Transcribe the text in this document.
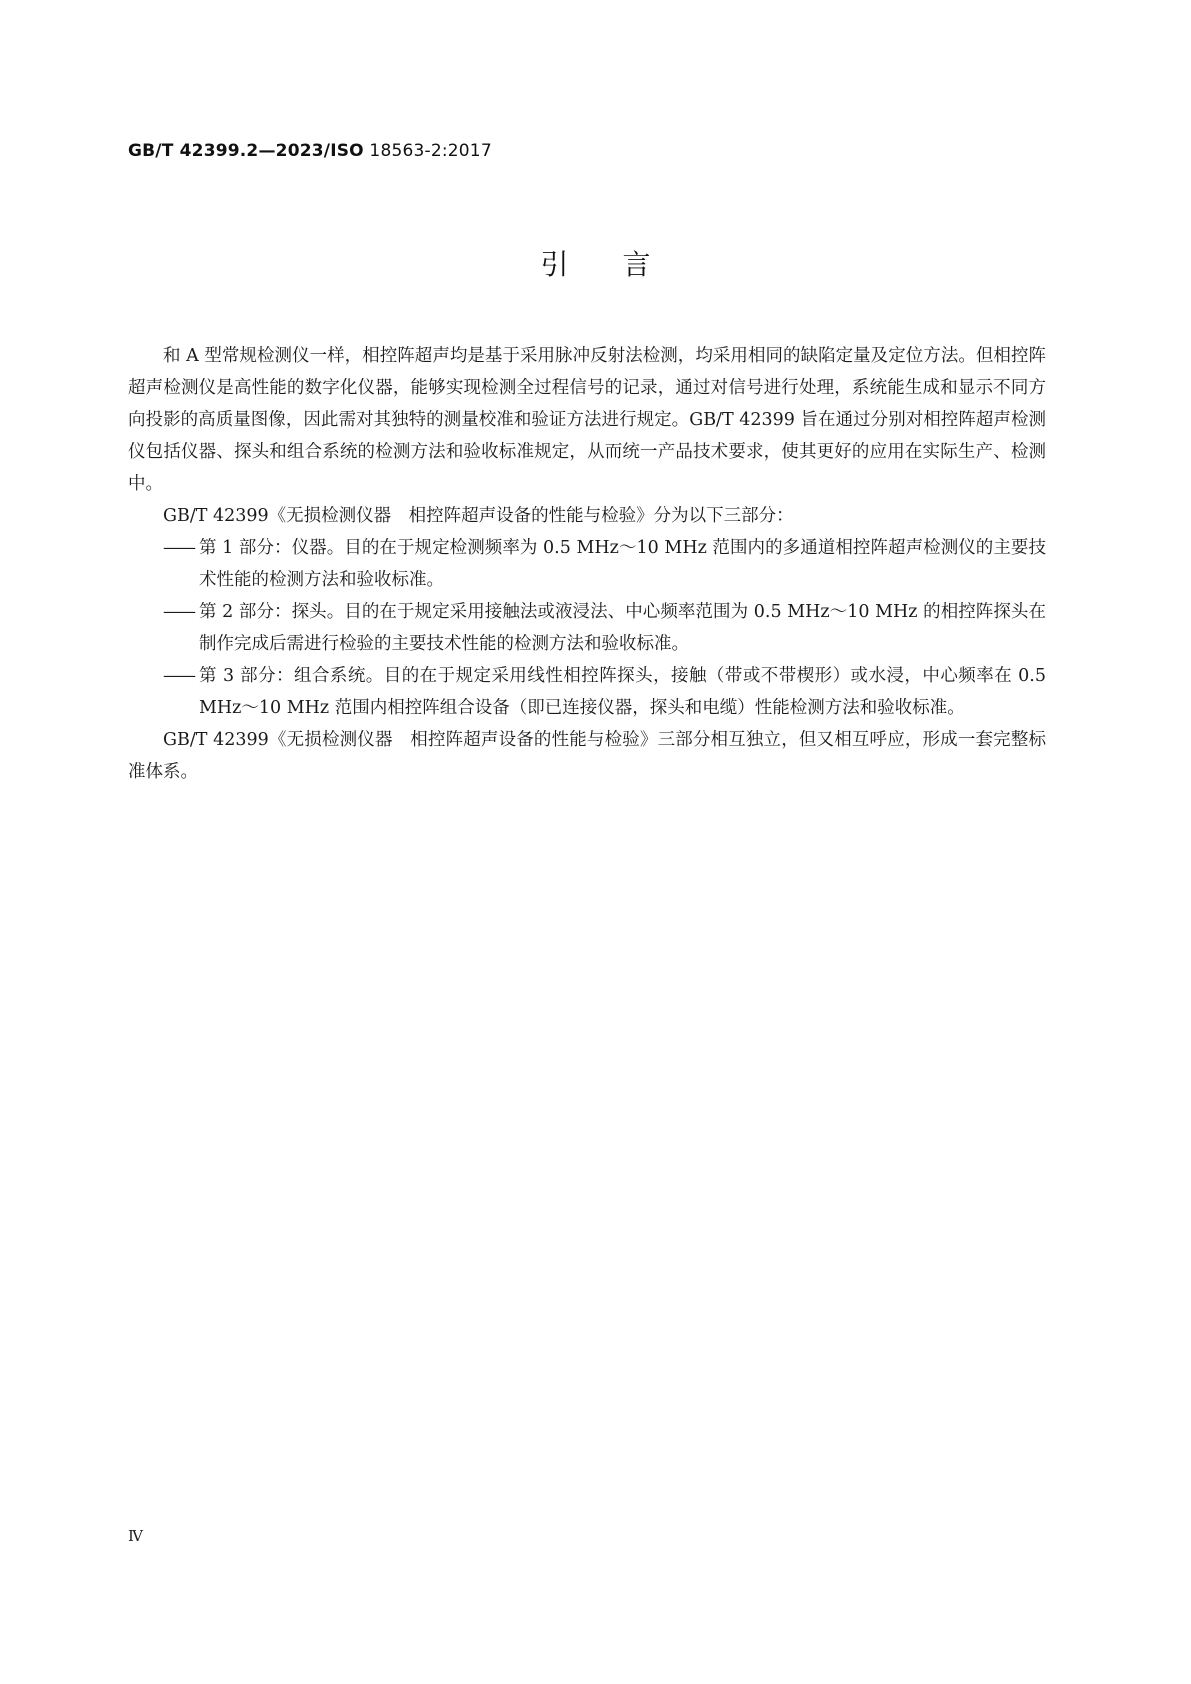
GB/T 42399.2—2023/ISO 18563-2:2017
引言

和 A 型常规检测仪一样，相控阵超声均是基于采用脉冲反射法检测，均采用相同的缺陷定量及定位方法。但相控阵超声检测仪是高性能的数字化仪器，能够实现检测全过程信号的记录，通过对信号进行处理，系统能生成和显示不同方向投影的高质量图像，因此需对其独特的测量校准和验证方法进行规定。GB/T 42399 旨在通过分别对相控阵超声检测仪包括仪器、探头和组合系统的检测方法和验收标准规定，从而统一产品技术要求，使其更好的应用在实际生产、检测中。

GB/T 42399《无损检测仪器　相控阵超声设备的性能与检验》分为以下三部分：

—— 第 1 部分：仪器。目的在于规定检测频率为 0.5 MHz～10 MHz 范围内的多通道相控阵超声检测仪的主要技术性能的检测方法和验收标准。
—— 第 2 部分：探头。目的在于规定采用接触法或液浸法、中心频率范围为 0.5 MHz～10 MHz 的相控阵探头在制作完成后需进行检验的主要技术性能的检测方法和验收标准。
—— 第 3 部分：组合系统。目的在于规定采用线性相控阵探头，接触（带或不带楔形）或水浸，中心频率在 0.5 MHz～10 MHz 范围内相控阵组合设备（即已连接仪器，探头和电缆）性能检测方法和验收标准。

GB/T 42399《无损检测仪器　相控阵超声设备的性能与检验》三部分相互独立，但又相互呼应，形成一套完整标准体系。

Ⅳ
